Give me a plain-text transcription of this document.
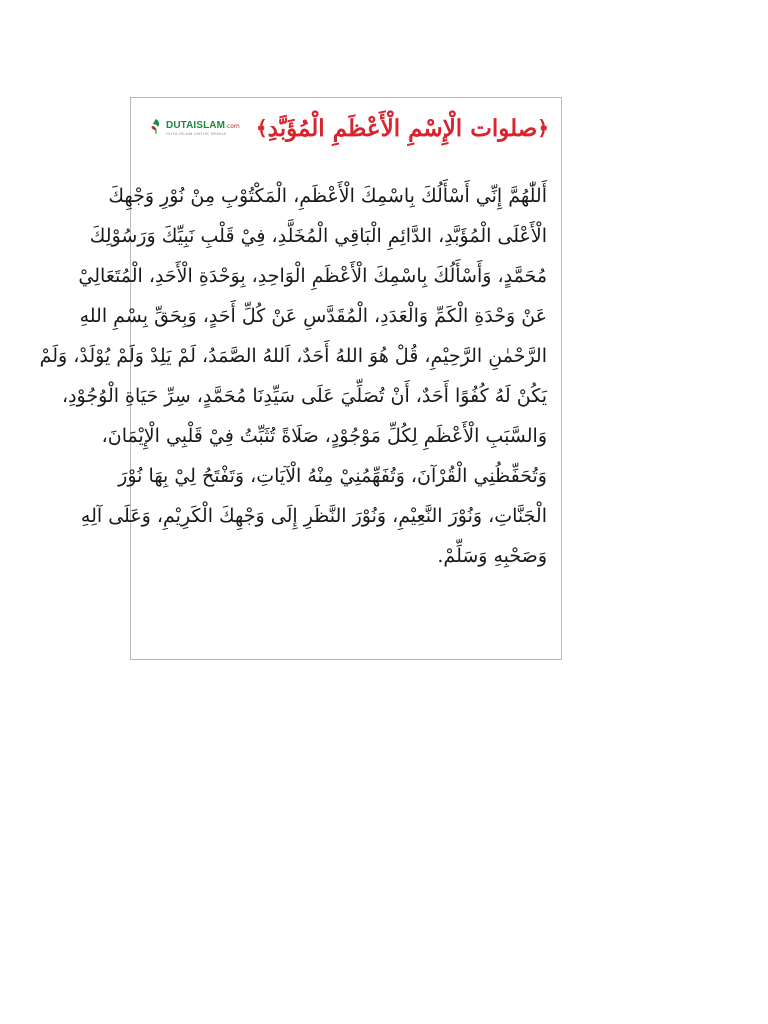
DUTAISLAM.com
DUTA ISLAM UNTUK SEMUA	﴿
صلوات الْإِسْمِ الْأَعْظَمِ الْمُؤَبَّدِ
﴾
أَللّٰهُمَّ إِنِّي أَسْأَلُكَ بِاسْمِكَ الْأَعْظَمِ، الْمَكْتُوْبِ مِنْ نُوْرِ وَجْهِكَ
الْأَعْلَى الْمُؤَبَّدِ، الدَّائِمِ الْبَاقِي الْمُخَلَّدِ، فِيْ قَلْبِ نَبِيِّكَ وَرَسُوْلِكَ
مُحَمَّدٍ، وَأَسْأَلُكَ بِاسْمِكَ الْأَعْظَمِ الْوَاحِدِ، بِوَحْدَةِ الْأَحَدِ، الْمُتَعَالِيْ
عَنْ وَحْدَةِ الْكَمِّ وَالْعَدَدِ، الْمُقَدَّسِ عَنْ كُلِّ أَحَدٍ، وَبِحَقِّ بِسْمِ اللهِ
الرَّحْمٰنِ الرَّحِيْمِ، قُلْ هُوَ اللهُ أَحَدٌ، اَللهُ الصَّمَدُ، لَمْ يَلِدْ وَلَمْ يُوْلَدْ، وَلَمْ
يَكُنْ لَهُ كُفُوًا أَحَدٌ، أَنْ تُصَلِّيَ عَلَى سَيِّدِنَا مُحَمَّدٍ، سِرِّ حَيَاةِ الْوُجُوْدِ،
وَالسَّبَبِ الْأَعْظَمِ لِكُلِّ مَوْجُوْدٍ، صَلَاةً تُثَبِّتُ فِيْ قَلْبِي الْإِيْمَانَ،
وَتُحَفِّظُنِي الْقُرْآنَ، وَتُفَهِّمُنِيْ مِنْهُ الْآيَاتِ، وَتَفْتَحُ لِيْ بِهَا نُوْرَ
الْجَنَّاتِ، وَنُوْرَ النَّعِيْمِ، وَنُوْرَ النَّظَرِ إِلَى وَجْهِكَ الْكَرِيْمِ، وَعَلَى آلِهِ
وَصَحْبِهِ وَسَلِّمْ.
